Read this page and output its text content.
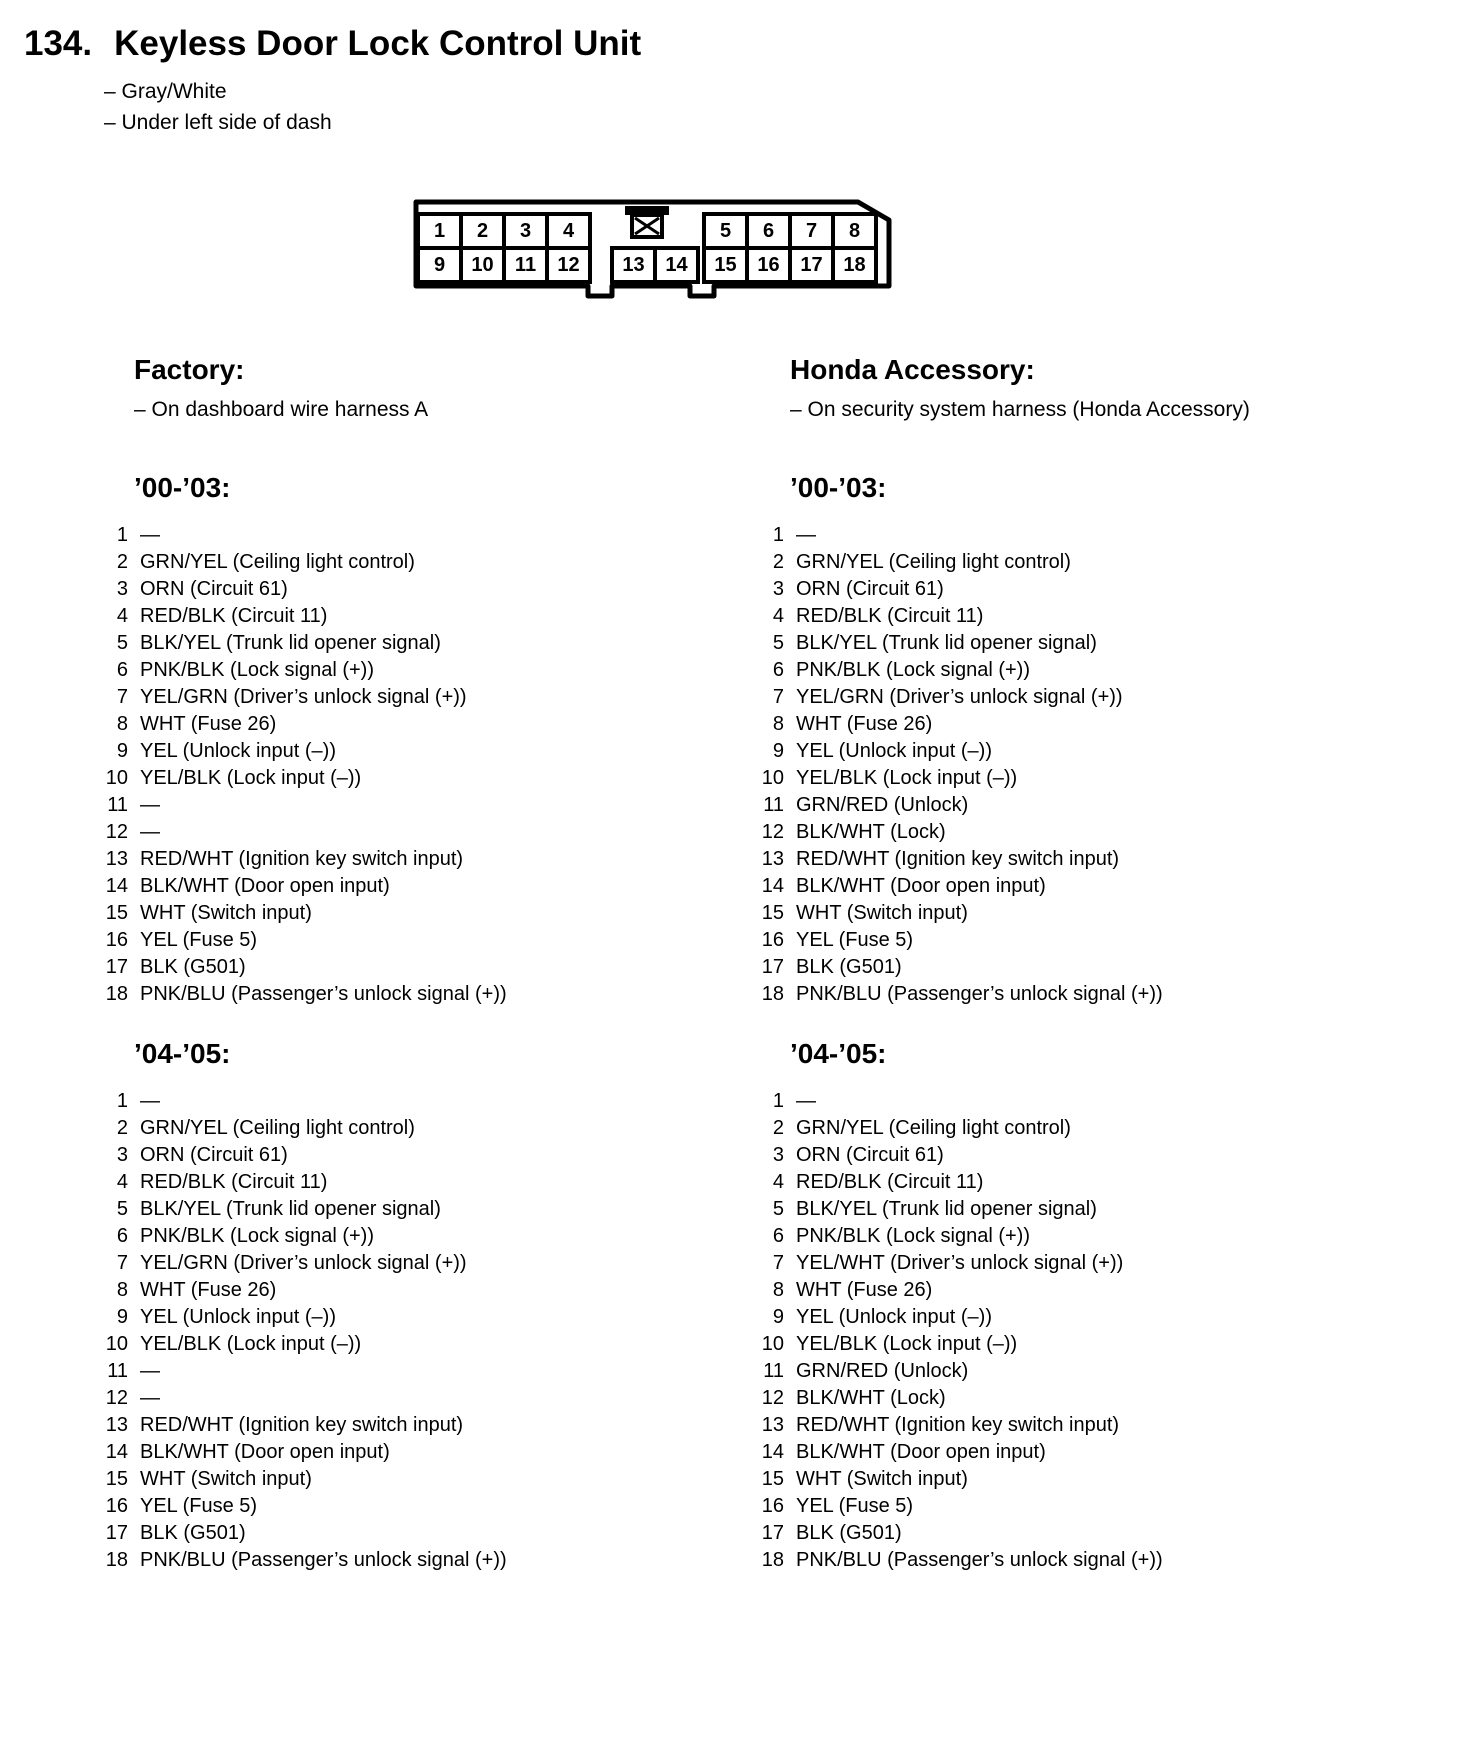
134. Keyless Door Lock Control Unit
– Gray/White
– Under left side of dash
1	2	3	4	5	6	7	8
9	10	11	12	13	14	15	16	17	18
Factory:
– On dashboard wire harness A
’00-’03:
1 —
2 GRN/YEL (Ceiling light control)
3 ORN (Circuit 61)
4 RED/BLK (Circuit 11)
5 BLK/YEL (Trunk lid opener signal)
6 PNK/BLK (Lock signal (+))
7 YEL/GRN (Driver’s unlock signal (+))
8 WHT (Fuse 26)
9 YEL (Unlock input (–))
10 YEL/BLK (Lock input (–))
11 —
12 —
13 RED/WHT (Ignition key switch input)
14 BLK/WHT (Door open input)
15 WHT (Switch input)
16 YEL (Fuse 5)
17 BLK (G501)
18 PNK/BLU (Passenger’s unlock signal (+))
’04-’05:
1 —
2 GRN/YEL (Ceiling light control)
3 ORN (Circuit 61)
4 RED/BLK (Circuit 11)
5 BLK/YEL (Trunk lid opener signal)
6 PNK/BLK (Lock signal (+))
7 YEL/GRN (Driver’s unlock signal (+))
8 WHT (Fuse 26)
9 YEL (Unlock input (–))
10 YEL/BLK (Lock input (–))
11 —
12 —
13 RED/WHT (Ignition key switch input)
14 BLK/WHT (Door open input)
15 WHT (Switch input)
16 YEL (Fuse 5)
17 BLK (G501)
18 PNK/BLU (Passenger’s unlock signal (+))
Honda Accessory:
– On security system harness (Honda Accessory)
’00-’03:
1 —
2 GRN/YEL (Ceiling light control)
3 ORN (Circuit 61)
4 RED/BLK (Circuit 11)
5 BLK/YEL (Trunk lid opener signal)
6 PNK/BLK (Lock signal (+))
7 YEL/GRN (Driver’s unlock signal (+))
8 WHT (Fuse 26)
9 YEL (Unlock input (–))
10 YEL/BLK (Lock input (–))
11 GRN/RED (Unlock)
12 BLK/WHT (Lock)
13 RED/WHT (Ignition key switch input)
14 BLK/WHT (Door open input)
15 WHT (Switch input)
16 YEL (Fuse 5)
17 BLK (G501)
18 PNK/BLU (Passenger’s unlock signal (+))
’04-’05:
1 —
2 GRN/YEL (Ceiling light control)
3 ORN (Circuit 61)
4 RED/BLK (Circuit 11)
5 BLK/YEL (Trunk lid opener signal)
6 PNK/BLK (Lock signal (+))
7 YEL/WHT (Driver’s unlock signal (+))
8 WHT (Fuse 26)
9 YEL (Unlock input (–))
10 YEL/BLK (Lock input (–))
11 GRN/RED (Unlock)
12 BLK/WHT (Lock)
13 RED/WHT (Ignition key switch input)
14 BLK/WHT (Door open input)
15 WHT (Switch input)
16 YEL (Fuse 5)
17 BLK (G501)
18 PNK/BLU (Passenger’s unlock signal (+))
